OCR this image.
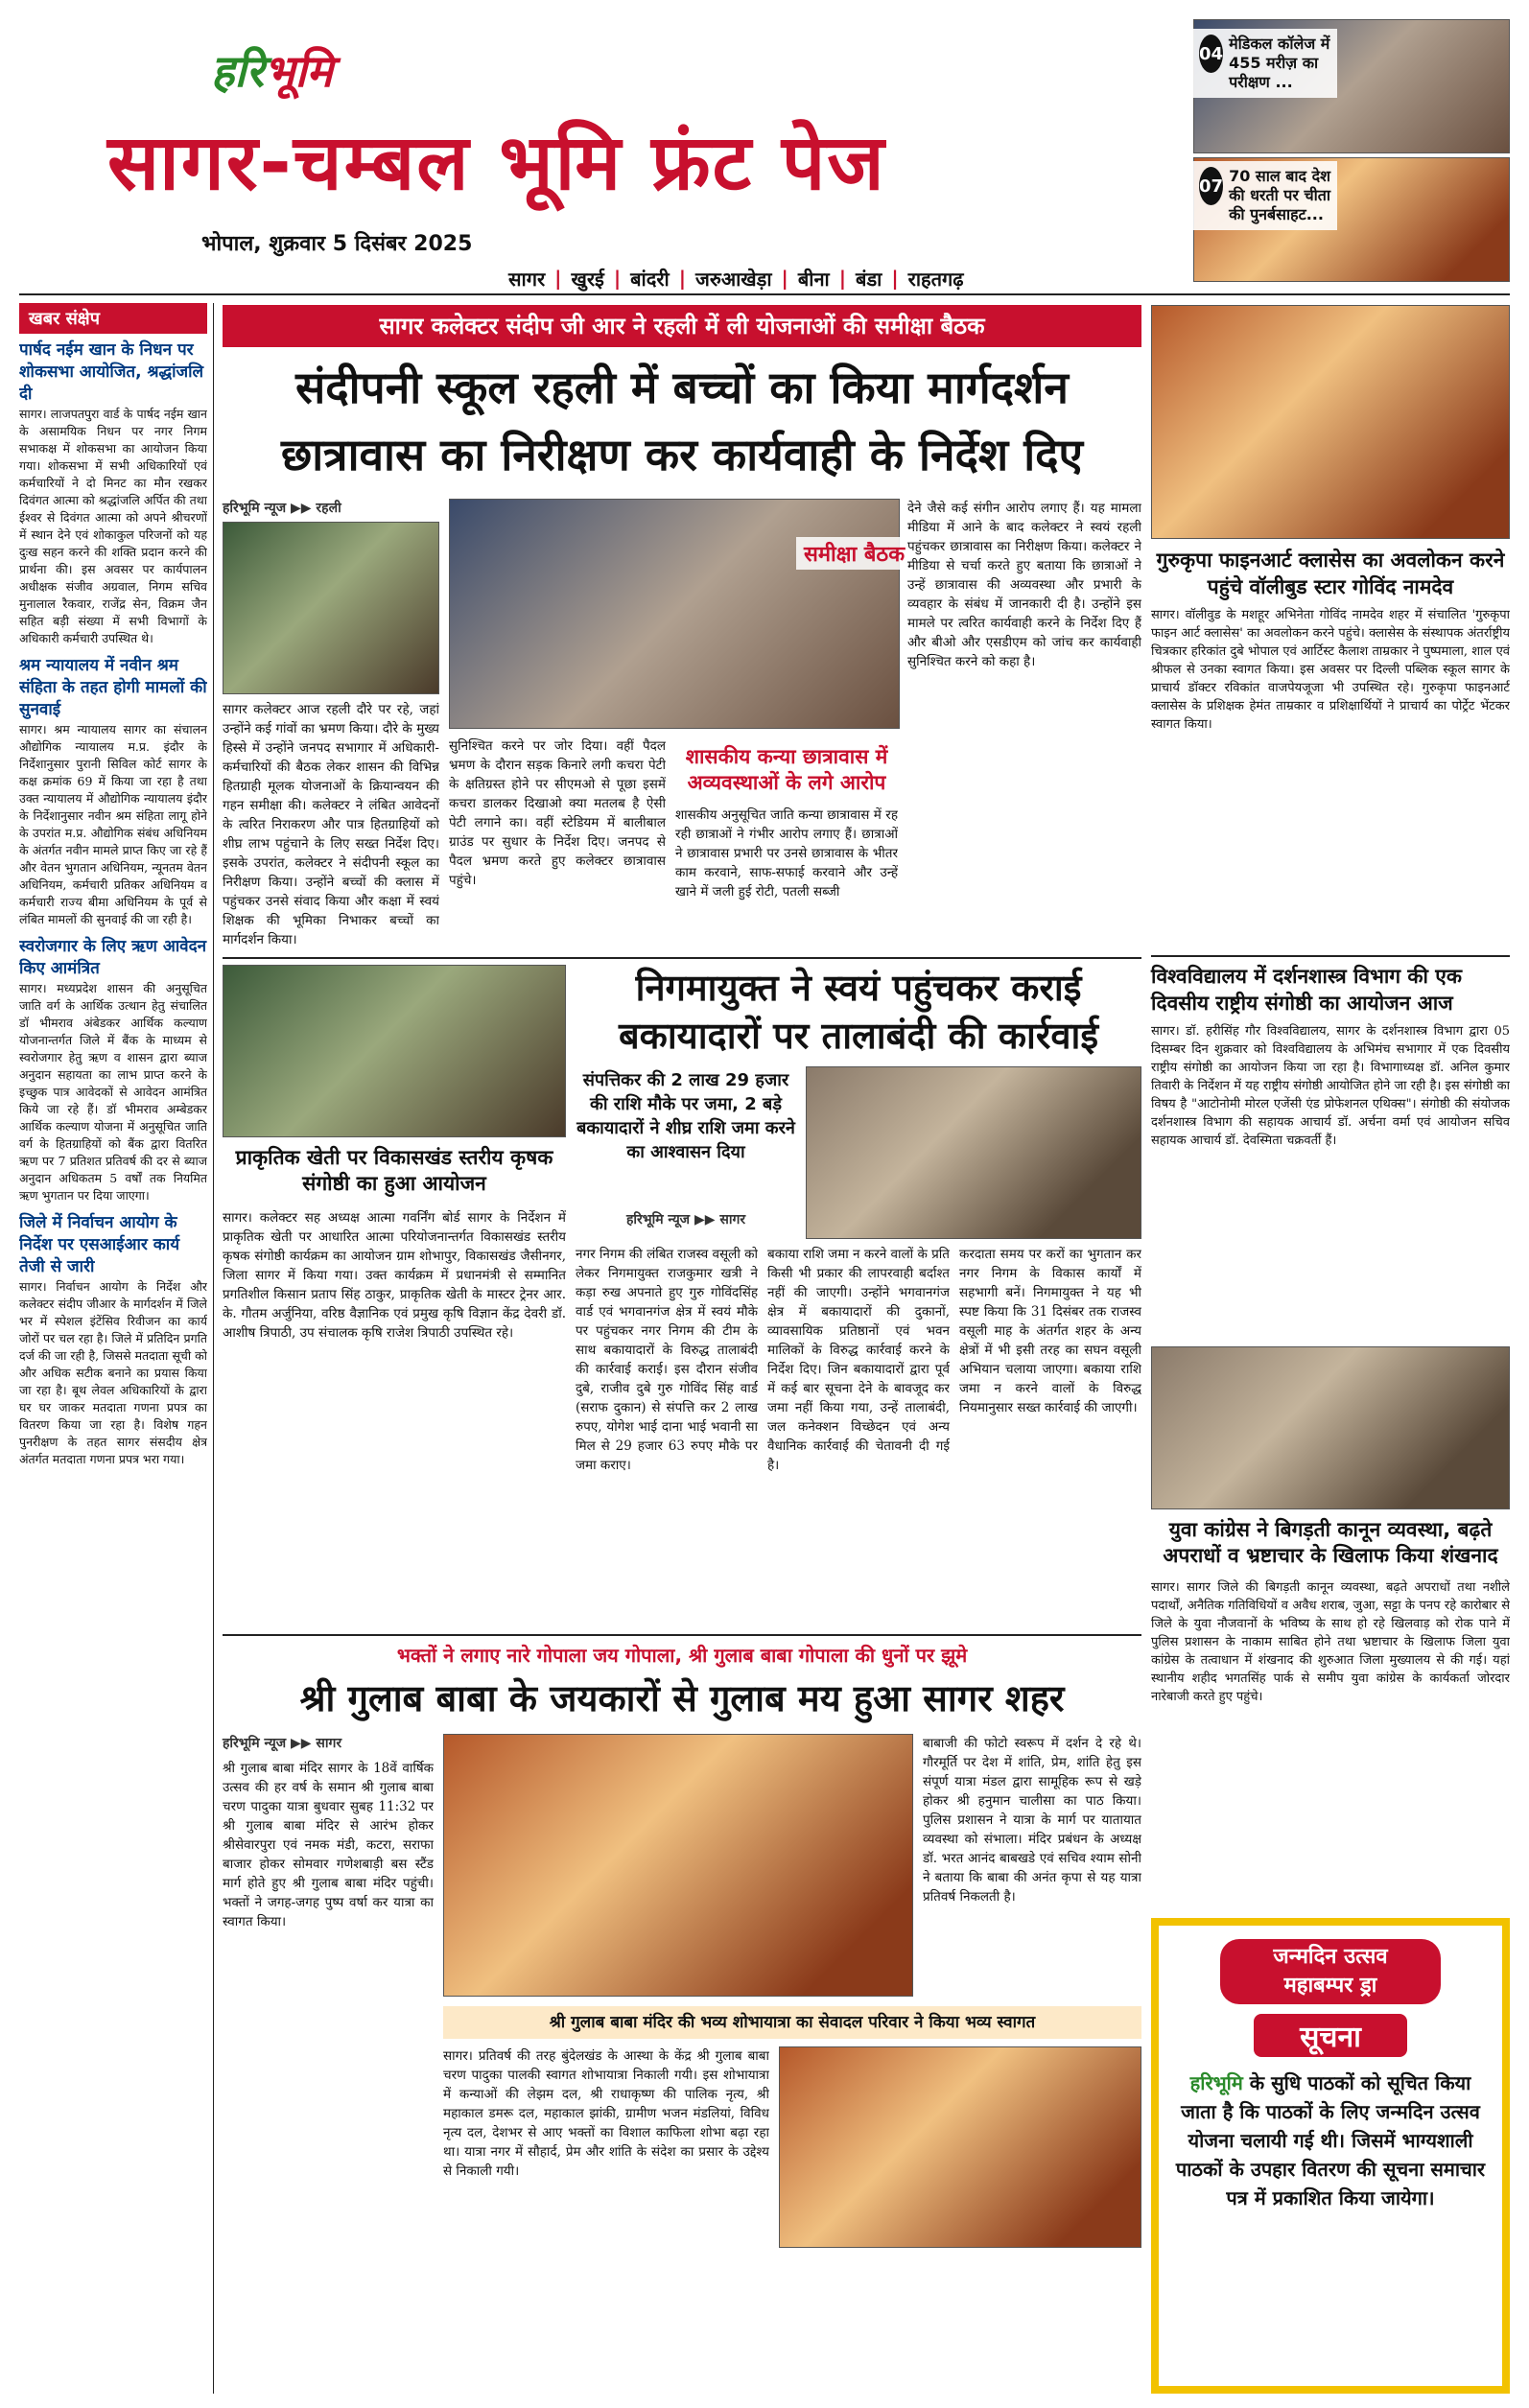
हरिभूमि
सागर-चम्बल भूमि फ्रंट पेज
भोपाल, शुक्रवार 5 दिसंबर 2025
04 मेडिकल कॉलेज में 455 मरीज़ का परीक्षण ...
07 70 साल बाद देश की धरती पर चीता की पुनर्बसाहट...
सागर | खुरई | बांदरी | जरुआखेड़ा | बीना | बंडा | राहतगढ़
खबर संक्षेप
पार्षद नईम खान के निधन पर शोकसभा आयोजित, श्रद्धांजलि दी
सागर। लाजपतपुरा वार्ड के पार्षद नईम खान के असामयिक निधन पर नगर निगम सभाकक्ष में शोकसभा का आयोजन किया गया। शोकसभा में सभी अधिकारियों एवं कर्मचारियों ने दो मिनट का मौन रखकर दिवंगत आत्मा को श्रद्धांजलि अर्पित की तथा ईश्वर से दिवंगत आत्मा को अपने श्रीचरणों में स्थान देने एवं शोकाकुल परिजनों को यह दुःख सहन करने की शक्ति प्रदान करने की प्रार्थना की। इस अवसर पर कार्यपालन अधीक्षक संजीव अग्रवाल, निगम सचिव मुनालाल रैकवार, राजेंद्र सेन, विक्रम जैन सहित बड़ी संख्या में सभी विभागों के अधिकारी कर्मचारी उपस्थित थे।
श्रम न्यायालय में नवीन श्रम संहिता के तहत होगी मामलों की सुनवाई
सागर। श्रम न्यायालय सागर का संचालन औद्योगिक न्यायालय म.प्र. इंदौर के निर्देशानुसार पुरानी सिविल कोर्ट सागर के कक्ष क्रमांक 69 में किया जा रहा है तथा उक्त न्यायालय में औद्योगिक न्यायालय इंदौर के निर्देशानुसार नवीन श्रम संहिता लागू होने के उपरांत म.प्र. औद्योगिक संबंध अधिनियम के अंतर्गत नवीन मामले प्राप्त किए जा रहे हैं और वेतन भुगतान अधिनियम, न्यूनतम वेतन अधिनियम, कर्मचारी प्रतिकर अधिनियम व कर्मचारी राज्य बीमा अधिनियम के पूर्व से लंबित मामलों की सुनवाई की जा रही है।
स्वरोजगार के लिए ऋण आवेदन किए आमंत्रित
सागर। मध्यप्रदेश शासन की अनुसूचित जाति वर्ग के आर्थिक उत्थान हेतु संचालित डॉ भीमराव अंबेडकर आर्थिक कल्याण योजनान्तर्गत जिले में बैंक के माध्यम से स्वरोजगार हेतु ऋण व शासन द्वारा ब्याज अनुदान सहायता का लाभ प्राप्त करने के इच्छुक पात्र आवेदकों से आवेदन आमंत्रित किये जा रहे हैं। डॉ भीमराव अम्बेडकर आर्थिक कल्याण योजना में अनुसूचित जाति वर्ग के हितग्राहियों को बैंक द्वारा वितरित ऋण पर 7 प्रतिशत प्रतिवर्ष की दर से ब्याज अनुदान अधिकतम 5 वर्षों तक नियमित ऋण भुगतान पर दिया जाएगा।
जिले में निर्वाचन आयोग के निर्देश पर एसआईआर कार्य तेजी से जारी
सागर। निर्वाचन आयोग के निर्देश और कलेक्टर संदीप जीआर के मार्गदर्शन में जिले भर में स्पेशल इंटेंसिव रिवीजन का कार्य जोरों पर चल रहा है। जिले में प्रतिदिन प्रगति दर्ज की जा रही है, जिससे मतदाता सूची को और अधिक सटीक बनाने का प्रयास किया जा रहा है। बूथ लेवल अधिकारियों के द्वारा घर घर जाकर मतदाता गणना प्रपत्र का वितरण किया जा रहा है। विशेष गहन पुनरीक्षण के तहत सागर संसदीय क्षेत्र अंतर्गत मतदाता गणना प्रपत्र भरा गया।
सागर कलेक्टर संदीप जी आर ने रहली में ली योजनाओं की समीक्षा बैठक
संदीपनी स्कूल रहली में बच्चों का किया मार्गदर्शन
छात्रावास का निरीक्षण कर कार्यवाही के निर्देश दिए
हरिभूमि न्यूज ▶▶ रहली
समीक्षा बैठक
सागर कलेक्टर आज रहली दौरे पर रहे, जहां उन्होंने कई गांवों का भ्रमण किया। दौरे के मुख्य हिस्से में उन्होंने जनपद सभागार में अधिकारी-कर्मचारियों की बैठक लेकर शासन की विभिन्न हितग्राही मूलक योजनाओं के क्रियान्वयन की गहन समीक्षा की। कलेक्टर ने लंबित आवेदनों के त्वरित निराकरण और पात्र हितग्राहियों को शीघ्र लाभ पहुंचाने के लिए सख्त निर्देश दिए। इसके उपरांत, कलेक्टर ने संदीपनी स्कूल का निरीक्षण किया। उन्होंने बच्चों की क्लास में पहुंचकर उनसे संवाद किया और कक्षा में स्वयं शिक्षक की भूमिका निभाकर बच्चों का मार्गदर्शन किया।
सुनिश्चित करने पर जोर दिया। वहीं पैदल भ्रमण के दौरान सड़क किनारे लगी कचरा पेटी के क्षतिग्रस्त होने पर सीएमओ से पूछा इसमें कचरा डालकर दिखाओ क्या मतलब है ऐसी पेटी लगाने का। वहीं स्टेडियम में बालीबाल ग्राउंड पर सुधार के निर्देश दिए। जनपद से पैदल भ्रमण करते हुए कलेक्टर छात्रावास पहुंचे।
शासकीय कन्या छात्रावास में अव्यवस्थाओं के लगे आरोप
शासकीय अनुसूचित जाति कन्या छात्रावास में रह रही छात्राओं ने गंभीर आरोप लगाए हैं। छात्राओं ने छात्रावास प्रभारी पर उनसे छात्रावास के भीतर काम करवाने, साफ-सफाई करवाने और उन्हें खाने में जली हुई रोटी, पतली सब्जी
देने जैसे कई संगीन आरोप लगाए हैं। यह मामला मीडिया में आने के बाद कलेक्टर ने स्वयं रहली पहुंचकर छात्रावास का निरीक्षण किया। कलेक्टर ने मीडिया से चर्चा करते हुए बताया कि छात्राओं ने उन्हें छात्रावास की अव्यवस्था और प्रभारी के व्यवहार के संबंध में जानकारी दी है। उन्होंने इस मामले पर त्वरित कार्यवाही करने के निर्देश दिए हैं और बीओ और एसडीएम को जांच कर कार्यवाही सुनिश्चित करने को कहा है।
गुरुकृपा फाइनआर्ट क्लासेस का अवलोकन करने पहुंचे वॉलीबुड स्टार गोविंद नामदेव
सागर। वॉलीवुड के मशहूर अभिनेता गोविंद नामदेव शहर में संचालित 'गुरुकृपा फाइन आर्ट क्लासेस' का अवलोकन करने पहुंचे। क्लासेस के संस्थापक अंतर्राष्ट्रीय चित्रकार हरिकांत दुबे भोपाल एवं आर्टिस्ट कैलाश ताम्रकार ने पुष्पमाला, शाल एवं श्रीफल से उनका स्वागत किया। इस अवसर पर दिल्ली पब्लिक स्कूल सागर के प्राचार्य डॉक्टर रविकांत वाजपेयजूजा भी उपस्थित रहे। गुरुकृपा फाइनआर्ट क्लासेस के प्रशिक्षक हेमंत ताम्रकार व प्रशिक्षार्थियों ने प्राचार्य का पोर्ट्रेट भेंटकर स्वागत किया।
विश्वविद्यालय में दर्शनशास्त्र विभाग की एक दिवसीय राष्ट्रीय संगोष्ठी का आयोजन आज
सागर। डॉ. हरीसिंह गौर विश्वविद्यालय, सागर के दर्शनशास्त्र विभाग द्वारा 05 दिसम्बर दिन शुक्रवार को विश्वविद्यालय के अभिमंच सभागार में एक दिवसीय राष्ट्रीय संगोष्ठी का आयोजन किया जा रहा है। विभागाध्यक्ष डॉ. अनिल कुमार तिवारी के निर्देशन में यह राष्ट्रीय संगोष्ठी आयोजित होने जा रही है। इस संगोष्ठी का विषय है "आटोनोमी मोरल एजेंसी एंड प्रोफेशनल एथिक्स"। संगोष्ठी की संयोजक दर्शनशास्त्र विभाग की सहायक आचार्य डॉ. अर्चना वर्मा एवं आयोजन सचिव सहायक आचार्य डॉ. देवस्मिता चक्रवर्ती हैं।
निगमायुक्त ने स्वयं पहुंचकर कराई
बकायादारों पर तालाबंदी की कार्रवाई
संपत्तिकर की 2 लाख 29 हजार की राशि मौके पर जमा, 2 बड़े बकायादारों ने शीघ्र राशि जमा करने का आश्वासन दिया
हरिभूमि न्यूज ▶▶ सागर
नगर निगम की लंबित राजस्व वसूली को लेकर निगमायुक्त राजकुमार खत्री ने कड़ा रुख अपनाते हुए गुरु गोविंदसिंह वार्ड एवं भगवानगंज क्षेत्र में स्वयं मौके पर पहुंचकर नगर निगम की टीम के साथ बकायादारों के विरुद्ध तालाबंदी की कार्रवाई कराई। इस दौरान संजीव दुबे, राजीव दुबे गुरु गोविंद सिंह वार्ड (सराफ दुकान) से संपत्ति कर 2 लाख रुपए, योगेश भाई दाना भाई भवानी सा मिल से 29 हजार 63 रुपए मौके पर जमा कराए।
बकाया राशि जमा न करने वालों के प्रति किसी भी प्रकार की लापरवाही बर्दाश्त नहीं की जाएगी। उन्होंने भगवानगंज क्षेत्र में बकायादारों की दुकानों, व्यावसायिक प्रतिष्ठानों एवं भवन मालिकों के विरुद्ध कार्रवाई करने के निर्देश दिए। जिन बकायादारों द्वारा पूर्व में कई बार सूचना देने के बावजूद कर जमा नहीं किया गया, उन्हें तालाबंदी, जल कनेक्शन विच्छेदन एवं अन्य वैधानिक कार्रवाई की चेतावनी दी गई है।
करदाता समय पर करों का भुगतान कर नगर निगम के विकास कार्यों में सहभागी बनें। निगमायुक्त ने यह भी स्पष्ट किया कि 31 दिसंबर तक राजस्व वसूली माह के अंतर्गत शहर के अन्य क्षेत्रों में भी इसी तरह का सघन वसूली अभियान चलाया जाएगा। बकाया राशि जमा न करने वालों के विरुद्ध नियमानुसार सख्त कार्रवाई की जाएगी।
प्राकृतिक खेती पर विकासखंड स्तरीय कृषक संगोष्ठी का हुआ आयोजन
सागर। कलेक्टर सह अध्यक्ष आत्मा गवर्निंग बोर्ड सागर के निर्देशन में प्राकृतिक खेती पर आधारित आत्मा परियोजनान्तर्गत विकासखंड स्तरीय कृषक संगोष्ठी कार्यक्रम का आयोजन ग्राम शोभापुर, विकासखंड जैसीनगर, जिला सागर में किया गया। उक्त कार्यक्रम में प्रधानमंत्री से सम्मानित प्रगतिशील किसान प्रताप सिंह ठाकुर, प्राकृतिक खेती के मास्टर ट्रेनर आर. के. गौतम अर्जुनिया, वरिष्ठ वैज्ञानिक एवं प्रमुख कृषि विज्ञान केंद्र देवरी डॉ. आशीष त्रिपाठी, उप संचालक कृषि राजेश त्रिपाठी उपस्थित रहे।
युवा कांग्रेस ने बिगड़ती कानून व्यवस्था, बढ़ते अपराधों व भ्रष्टाचार के खिलाफ किया शंखनाद
सागर। सागर जिले की बिगड़ती कानून व्यवस्था, बढ़ते अपराधों तथा नशीले पदार्थों, अनैतिक गतिविधियों व अवैध शराब, जुआ, सट्टा के पनप रहे कारोबार से जिले के युवा नौजवानों के भविष्य के साथ हो रहे खिलवाड़ को रोक पाने में पुलिस प्रशासन के नाकाम साबित होने तथा भ्रष्टाचार के खिलाफ जिला युवा कांग्रेस के तत्वाधान में शंखनाद की शुरुआत जिला मुख्यालय से की गई। यहां स्थानीय शहीद भगतसिंह पार्क से समीप युवा कांग्रेस के कार्यकर्ता जोरदार नारेबाजी करते हुए पहुंचे।
भक्तों ने लगाए नारे गोपाला जय गोपाला, श्री गुलाब बाबा गोपाला की धुनों पर झूमे
श्री गुलाब बाबा के जयकारों से गुलाब मय हुआ सागर शहर
हरिभूमि न्यूज ▶▶ सागर
श्री गुलाब बाबा मंदिर सागर के 18वें वार्षिक उत्सव की हर वर्ष के समान श्री गुलाब बाबा चरण पादुका यात्रा बुधवार सुबह 11:32 पर श्री गुलाब बाबा मंदिर से आरंभ होकर श्रीसेवारपुरा एवं नमक मंडी, कटरा, सराफा बाजार होकर सोमवार गणेशबाड़ी बस स्टैंड मार्ग होते हुए श्री गुलाब बाबा मंदिर पहुंची। भक्तों ने जगह-जगह पुष्प वर्षा कर यात्रा का स्वागत किया।
बाबाजी की फोटो स्वरूप में दर्शन दे रहे थे। गौरमूर्ति पर देश में शांति, प्रेम, शांति हेतु इस संपूर्ण यात्रा मंडल द्वारा सामूहिक रूप से खड़े होकर श्री हनुमान चालीसा का पाठ किया। पुलिस प्रशासन ने यात्रा के मार्ग पर यातायात व्यवस्था को संभाला। मंदिर प्रबंधन के अध्यक्ष डॉ. भरत आनंद बाबखडे एवं सचिव श्याम सोनी ने बताया कि बाबा की अनंत कृपा से यह यात्रा प्रतिवर्ष निकलती है।
श्री गुलाब बाबा मंदिर की भव्य शोभायात्रा का सेवादल परिवार ने किया भव्य स्वागत
सागर। प्रतिवर्ष की तरह बुंदेलखंड के आस्था के केंद्र श्री गुलाब बाबा चरण पादुका पालकी स्वागत शोभायात्रा निकाली गयी। इस शोभायात्रा में कन्याओं की लेझम दल, श्री राधाकृष्ण की पालिक नृत्य, श्री महाकाल डमरू दल, महाकाल झांकी, ग्रामीण भजन मंडलियां, विविध नृत्य दल, देशभर से आए भक्तों का विशाल काफिला शोभा बढ़ा रहा था। यात्रा नगर में सौहार्द, प्रेम और शांति के संदेश का प्रसार के उद्देश्य से निकाली गयी।
जन्मदिन उत्सव
महाबम्पर ड्रा
सूचना
हरिभूमि के सुधि पाठकों को सूचित किया जाता है कि पाठकों के लिए जन्मदिन उत्सव योजना चलायी गई थी। जिसमें भाग्यशाली पाठकों के उपहार वितरण की सूचना समाचार पत्र में प्रकाशित किया जायेगा।
